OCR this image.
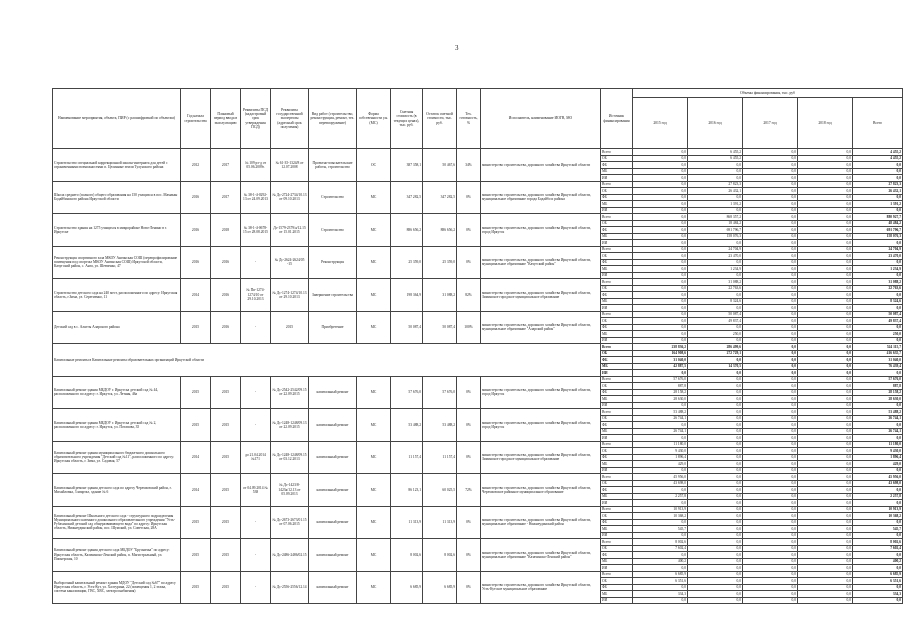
3
Наименование мероприятия, объекта, ПИР (с расшифровкой по объектам)	Год начала строительства	Плановый период ввода в эксплуатацию	Реквизиты ПСД (кадастровый срок утверждения ПСД)	Реквизиты государственной экспертизы (адресный срок получения)	Вид работ (строительство, реконструкция, ремонт, тех. перевооружение)	Форма собственности у.н.(МС)	Сметная стоимость (в текущих ценах), тыс. руб.	Остаток сметной стоимости, тыс. руб.	Тех. готовность, %	Исполнитель, наименование ИОГВ, МО	Источник финансирования	Объемы финансирования, тыс. руб				
												2015 год	2016 год	2017 год	2018 год	Всего
Строительство специальной коррекционной школы-интерната для детей с ограниченными возможностями п. Целинные земли Тулунского района	2012	2017	№ 109 рз-д от 05.06.2009г.	№ 61-35-1324/8 от 12.07.2008	Проектно-изыскательские работы, строительство	ОС	387 358,1	50 467,6	34%	министерство строительства, дорожного хозяйства Иркутской области	Всего	0,0	6 455,2	0,0	0,0	4 455,2
											ОБ	0,0	6 455,2	0,0	0,0	4 455,2
											ФБ	0,0	0,0	0,0	0,0	0,0
											МБ	0,0	0,0	0,0	0,0	0,0
											ИИ	0,0	0,0	0,0	0,0	0,0
Школа среднего (полного) общего образования на 150 учащихся в пос. Мамакан Бодайбинского района Иркутской области	2016	2017	№ 38-1-4-0292-13 от 24.09.2013	№ Дс-2724-2734/10.13 от 09.10.2013	Строительство	МС	347 282,5	347 282,5	0%	министерство строительства, дорожного хозяйства Иркутской области, муниципальное образование города Бодайбо и района	Всего	0,0	27 823,3	0,0	0,0	27 823,3
											ОБ	0,0	26 432,1	0,0	0,0	26 432,1
											ФБ	0,0	0,0	0,0	0,0	0,0
											МБ	0,0	1 391,2	0,0	0,0	1 391,2
											ИИ	0,0	0,0	0,0	0,0	0,0
Строительство здания на 1275 учащихся в микрорайоне Ново-Ленино в г. Иркутске	2016	2018	№ 38-1-4-0678-15 от 28.08.2015	Дс-1579-2379/а/12.15 от 15.01.2015	Строительство	МС	886 656,2	886 656,2	0%	министерство строительства, дорожного хозяйства Иркутской области, город Иркутск	Всего	0,0	868 357,2	0,0	0,0	880 927,7
											ОБ	0,0	18 484,2	0,0	0,0	48 484,2
											ФБ	0,0	691 796,7	0,0	0,0	691 796,7
											МБ	0,0	158 076,3	0,0	0,0	158 076,3
											ИИ	0,0	0,0	0,0	0,0	0,0
Реконструкция спортивного зала МКОУ Ангинская СОШ (перепрофилирование помещения под спортзал МКОУ Ангинская СОШ) Иркутской области, Качугский район, с. Анга, ул. Шевченко, 47	2016	2016	-	№ Дс-2624-2624/05 -15	Реконструкция	МС	25 359,0	25 359,0	0%	министерство строительства, дорожного хозяйства Иркутской области, муниципальное образование "Качугский район"	Всего	0,0	24 704,9	0,0	0,0	24 704,9
											ОБ	0,0	23 470,0	0,0	0,0	23 470,0
											ФБ	0,0	0,0	0,0	0,0	0,0
											МБ	0,0	1 234,9	0,0	0,0	1 234,9
											ИИ	0,0	0,0	0,0	0,0	0,0
Строительство детского сада на 240 мест, расположенного по адресу: Иркутская область, г.Зима, ул. Серегиенко, 11	2014	2016	№ Пп-1274-1274/10 от 29.10.2013	№ Дс-1274-1274/10.13 от 29.10.2013	Завершение строительства	МС	198 364,9	31 088,2	82%	министерство строительства, дорожного хозяйства Иркутской области, Зиминское городское муниципальное образование	Всего	0,0	31 088,2	0,0	0,0	31 088,2
											ОБ	0,0	22 763,6	0,0	0,0	22 763,6
											ФБ	0,0	0,0	0,0	0,0	0,0
											МБ	0,0	8 324,6	0,0	0,0	8 324,6
											ИИ	0,0	0,0	0,0	0,0	0,0
Детский сад в с. Алягты Аларского района	2015	2016	-	2015	Приобретение	МС	50 087,4	50 087,4	100%	министерство строительства, дорожного хозяйства Иркутской области, муниципальное образование "Аларский район"	Всего	0,0	50 087,4	0,0	0,0	50 087,4
											ОБ	0,0	49 837,4	0,0	0,0	49 837,4
											ФБ	0,0	0,0	0,0	0,0	0,0
											МБ	0,0	250,0	0,0	0,0	250,0
											ИИ	0,0	0,0	0,0	0,0	0,0
Капитальные ремонты в Капитальные ремонты образовательных организаций Иркутской области											Всего	238 836,2	286 499,6	0,0	0,0	524 115,7
											ОБ	164 908,6	272 729,1	0,0	0,0	416 635,7
											ФБ	31 040,0	0,0	0,0	0,0	31 040,0
											МБ	42 887,5	14 370,5	0,0	0,0	76 439,4
											ИИ	0,0	0,0	0,0	0,0	0,0
Капитальный ремонт здания МБДОУ г. Иркутска детский сад № 44, расположенного по адресу: г. Иркутск, ул. Летняя, 46а	2015	2015	-	№ Дс-2542-2542/09.15 от 22.09.2015	капитальный ремонт	МС	57 676,0	57 676,0	0%	министерство строительства, дорожного хозяйства Иркутской области, город Иркутск	Всего	57 676,0	0,0	0,0	0,0	57 676,0
											ОБ	887,8	0,0	0,0	0,0	887,8
											ФБ	28 158,2	0,0	0,0	0,0	28 158,2
											МБ	28 630,0	0,0	0,0	0,0	28 630,0
											ИИ	0,0	0,0	0,0	0,0	0,0
Капитальный ремонт здания МБДОУ г. Иркутска детский сад № 2, расположенного по адресу: г. Иркутск, ул. Потапова, 35	2015	2015	-	№ Дс-1248-1248/09.13 от 22.09.2015	капитальный ремонт	МС	53 488,2	53 488,2	0%	министерство строительства, дорожного хозяйства Иркутской области, город Иркутск	Всего	53 488,2	0,0	0,0	0,0	53 488,2
											ОБ	26 744,1	0,0	0,0	0,0	26 744,1
											ФБ	0,0	0,0	0,0	0,0	0,0
											МБ	26 744,1	0,0	0,0	0,0	26 744,1
											ИИ	0,0	0,0	0,0	0,0	0,0
Капитальный ремонт здания муниципального бюджетного дошкольного образовательного учреждения "Детский сад №11", расположенного по адресу: Иркутская область, г. Зима, ул. Садовая, 57	2014	2015	до 21.04.2014 №171	№ Дс-1248-1248/09.15 от 03.12.2013	капитальный ремонт	МС	11 157,4	11 157,4	0%	министерство строительства, дорожного хозяйства Иркутской области, Зиминское городское муниципальное образование	Всего	11 180,0	0,0	0,0	0,0	11 180,0
											ОБ	9 430,0	0,0	0,0	0,0	9 430,0
											ФБ	1 896,4	0,0	0,0	0,0	1 896,4
											МБ	429,0	0,0	0,0	0,0	429,0
											ИИ	0,0	0,0	0,0	0,0	0,0
Капитальный ремонт здания детского сада по адресу Черемховский район, г. Михайловка, 3 квартал, здание № 6	2014	2015	от 04.09.2014 № 538	№ Дс-1423/8-1423к/12.13 от 05.09.2013	капитальный ремонт	МС	86 123,1	60 025,5	72%	министерство строительства, дорожного хозяйства Иркутской области, Черемховское районное муниципальное образование	Всего	45 956,0	0,0	0,0	0,0	45 956,0
											ОБ	43 698,0	0,0	0,0	0,0	43 698,0
											ФБ	0,0	0,0	0,0	0,0	0,0
											МБ	2 257,8	0,0	0,0	0,0	2 257,8
											ИИ	0,0	0,0	0,0	0,0	0,0
Капитальный ремонт Школьного детского сада - структурного подразделения Муниципального казенного дошкольного образовательного учреждения "Усть-Рубахинский детский сад общеразвивающего вида" по адресу: Иркутская область, Нижнеудинский район, пос. Шумский, ул. Советская, 28А	2015	2015	-	№ Дс-2673-2673/01.15 от 07.06.2015	капитальный ремонт	МС	11 313,9	11 313,9	0%	министерство строительства, дорожного хозяйства Иркутской области, муниципальное образование - Нижнеудинский район	Всего	10 913,9	0,0	0,0	0,0	10 913,9
											ОБ	10 368,2	0,0	0,0	0,0	10 368,2
											ФБ	0,0	0,0	0,0	0,0	0,0
											МБ	545,7	0,0	0,0	0,0	545,7
											ИИ	0,0	0,0	0,0	0,0	0,0
Капитальный ремонт здания детского сада МБДОУ "Брусничка" по адресу: Иркутская область, Казачинско-Ленский район, п. Магистральный, ул. Пионерская, 10	2015	2015	-	№ Дс-2486-2486/02.15	капитальный ремонт	МС	8 002,6	8 002,6	0%	министерство строительства, дорожного хозяйства Иркутской области, муниципальное образование "Казачинско-Ленский район"	Всего	8 002,6	0,0	0,0	0,0	8 002,6
											ОБ	7 602,4	0,0	0,0	0,0	7 602,4
											ФБ	0,0	0,0	0,0	0,0	0,0
											МБ	400,2	0,0	0,0	0,0	400,2
											ИИ	0,0	0,0	0,0	0,0	0,0
Выборочный капитальный ремонт здания МДОУ "Детский сад №67" по адресу Иркутская область, г. Усть-Кут, ул. Халтурина, 22 (помещения 1, 2 этажа, система канализации, ГВС, ХВС, электроснабжения)	2015	2015	-	№ Дс-2556-2556/12.14	капитальный ремонт	МС	6 685,9	6 685,9	0%	министерство строительства, дорожного хозяйства Иркутской области, Усть-Кутское муниципальное образование	Всего	6 685,9	0,0	0,0	0,0	6 685,9
											ОБ	6 351,6	0,0	0,0	0,0	6 351,6
											ФБ	0,0	0,0	0,0	0,0	0,0
											МБ	334,3	0,0	0,0	0,0	334,3
											ИИ	0,0	0,0	0,0	0,0	0,0
